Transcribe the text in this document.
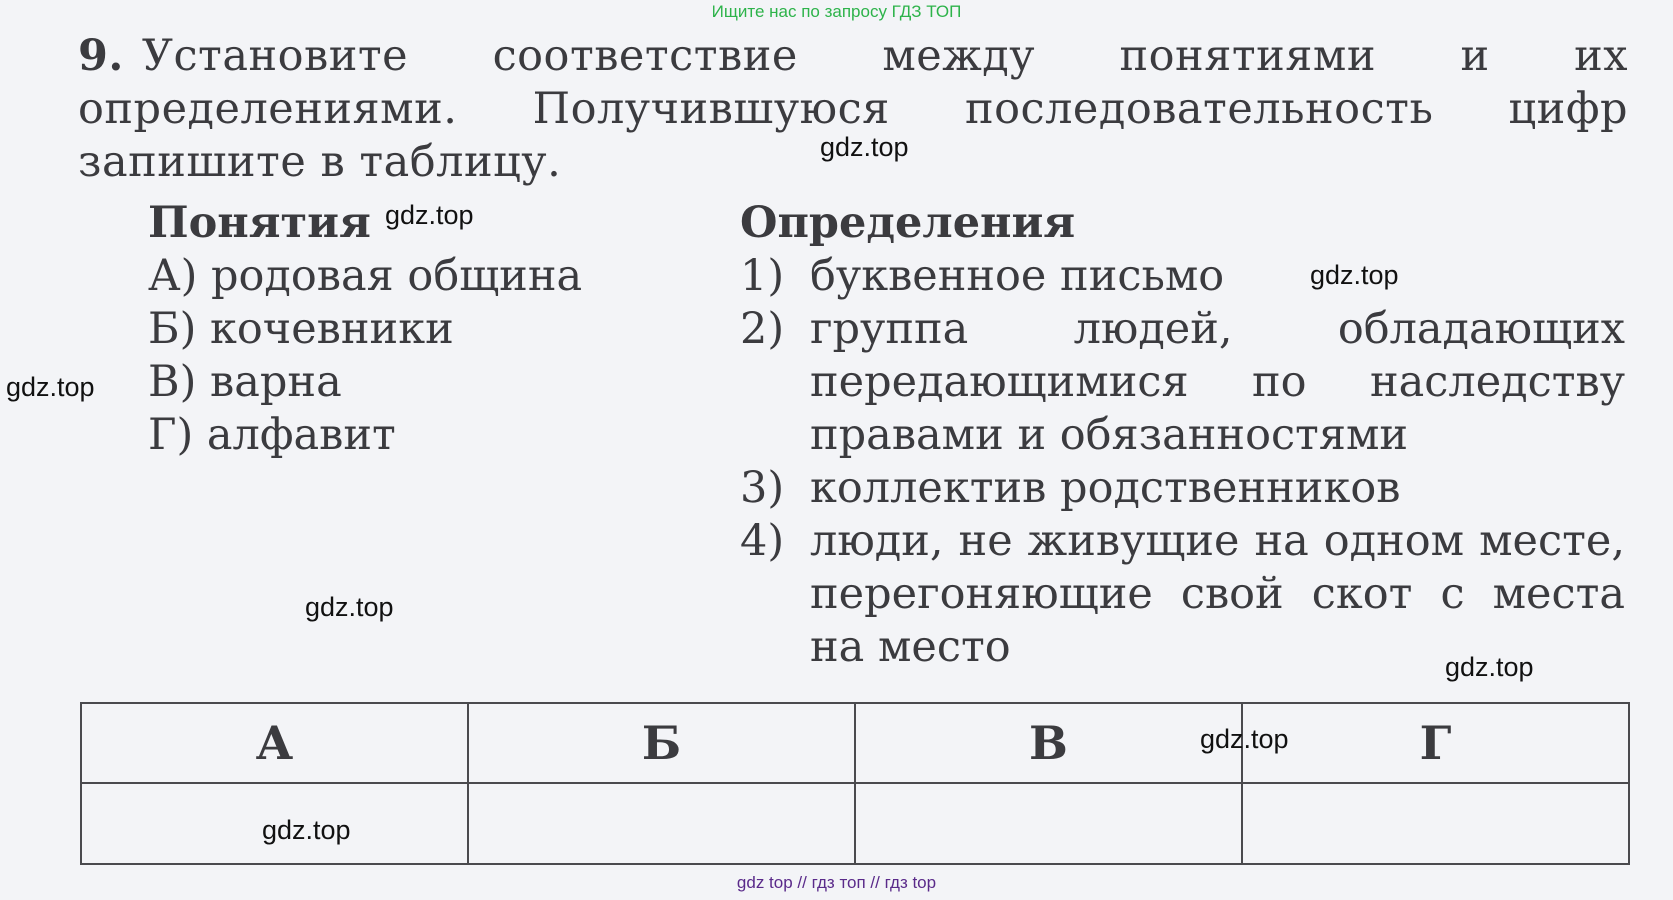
Ищите нас по запросу ГДЗ ТОП
9. Установите соответствие между понятиями и их определениями. Получившуюся последовательность цифр запишите в таблицу.
Понятия	Определения
А) родовая община
Б) кочевники
В) варна
Г) алфавит
1) буквенное письмо
2) группа людей, обладающих передающимися по наследству правами и обязанностями
3) коллектив родственников
4) люди, не живущие на одном месте, перегоняющие свой скот с места на место
А	Б	В	Г

gdz.top
gdz.top
gdz.top
gdz.top
gdz.top
gdz.top
gdz.top
gdz.top
gdz top // гдз топ // гдз top
